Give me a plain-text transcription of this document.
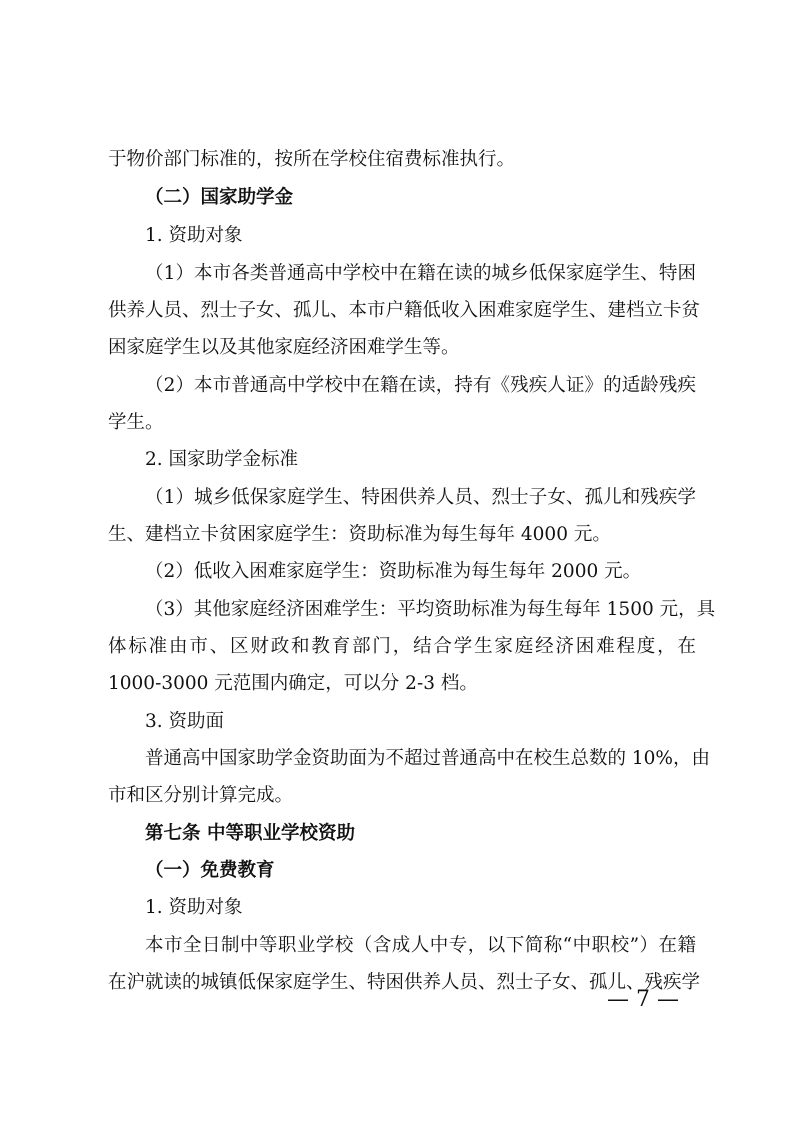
于物价部门标准的，按所在学校住宿费标准执行。
（二）国家助学金
1. 资助对象
（1）本市各类普通高中学校中在籍在读的城乡低保家庭学生、特困
供养人员、烈士子女、孤儿、本市户籍低收入困难家庭学生、建档立卡贫
困家庭学生以及其他家庭经济困难学生等。
（2）本市普通高中学校中在籍在读，持有《残疾人证》的适龄残疾
学生。
2. 国家助学金标准
（1）城乡低保家庭学生、特困供养人员、烈士子女、孤儿和残疾学
生、建档立卡贫困家庭学生：资助标准为每生每年 4000 元。
（2）低收入困难家庭学生：资助标准为每生每年 2000 元。
（3）其他家庭经济困难学生：平均资助标准为每生每年 1500 元，具
体标准由市、区财政和教育部门，结合学生家庭经济困难程度，在
1000-3000 元范围内确定，可以分 2-3 档。
3. 资助面
普通高中国家助学金资助面为不超过普通高中在校生总数的 10%，由
市和区分别计算完成。
第七条 中等职业学校资助
（一）免费教育
1. 资助对象
本市全日制中等职业学校（含成人中专，以下简称“中职校”）在籍
在沪就读的城镇低保家庭学生、特困供养人员、烈士子女、孤儿、残疾学
— 7 —
